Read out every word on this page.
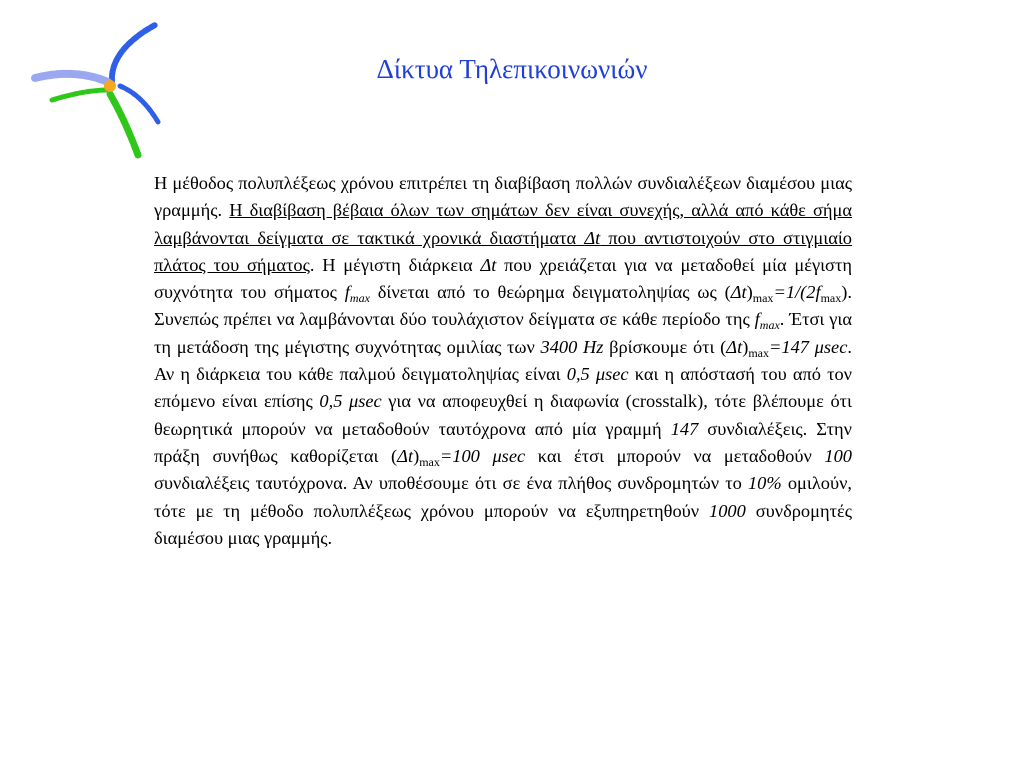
Δίκτυα Τηλεπικοινωνιών
Η μέθοδος πολυπλέξεως χρόνου επιτρέπει τη διαβίβαση πολλών συνδιαλέξεων διαμέσου μιας γραμμής. Η διαβίβαση βέβαια όλων των σημάτων δεν είναι συνεχής, αλλά από κάθε σήμα λαμβάνονται δείγματα σε τακτικά χρονικά διαστήματα Δt που αντιστοιχούν στο στιγμιαίο πλάτος του σήματος. Η μέγιστη διάρκεια Δt που χρειάζεται για να μεταδοθεί μία μέγιστη συχνότητα του σήματος $f_{max}$ δίνεται από το θεώρημα δειγματοληψίας ως $(\Delta t)_{max}=1/(2f_{max})$. Συνεπώς πρέπει να λαμβάνονται δύο τουλάχιστον δείγματα σε κάθε περίοδο της $f_{max}$. Έτσι για τη μετάδοση της μέγιστης συχνότητας ομιλίας των 3400 Hz βρίσκουμε ότι $(\Delta t)_{max}=147$ μsec. Αν η διάρκεια του κάθε παλμού δειγματοληψίας είναι 0,5 μsec και η απόστασή του από τον επόμενο είναι επίσης 0,5 μsec για να αποφευχθεί η διαφωνία (crosstalk), τότε βλέπουμε ότι θεωρητικά μπορούν να μεταδοθούν ταυτόχρονα από μία γραμμή 147 συνδιαλέξεις. Στην πράξη συνήθως καθορίζεται $(\Delta t)_{max}=100$ μsec και έτσι μπορούν να μεταδοθούν 100 συνδιαλέξεις ταυτόχρονα. Αν υποθέσουμε ότι σε ένα πλήθος συνδρομητών το 10% ομιλούν, τότε με τη μέθοδο πολυπλέξεως χρόνου μπορούν να εξυπηρετηθούν 1000 συνδρομητές διαμέσου μιας γραμμής.
